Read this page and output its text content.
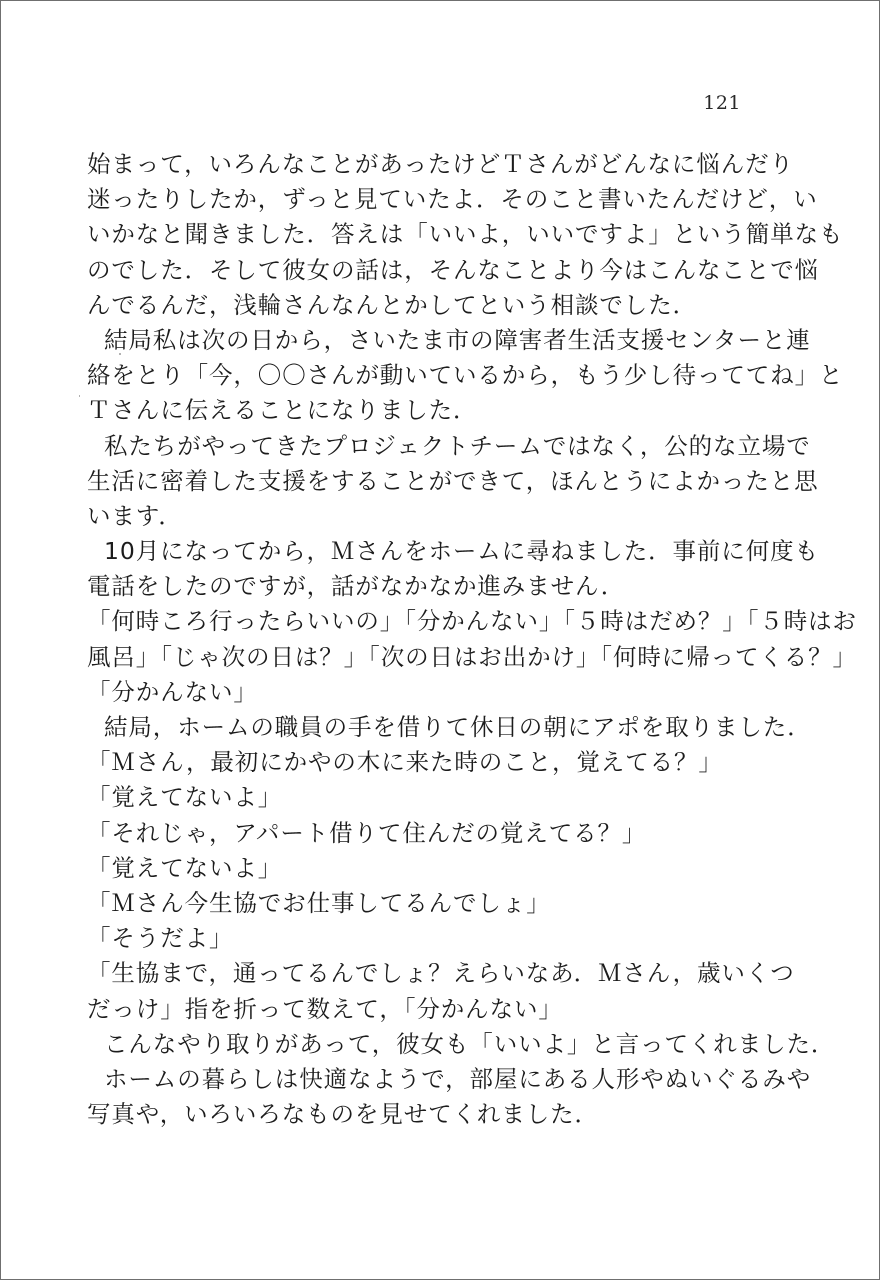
121
始まって，いろんなことがあったけどＴさんがどんなに悩んだり
迷ったりしたか，ずっと見ていたよ．そのこと書いたんだけど，い
いかなと聞きました．答えは「いいよ，いいですよ」という簡単なも
のでした．そして彼女の話は，そんなことより今はこんなことで悩
んでるんだ，浅輪さんなんとかしてという相談でした．
結局私は次の日から，さいたま市の障害者生活支援センターと連
絡をとり「今，〇〇さんが動いているから，もう少し待っててね」と
Ｔさんに伝えることになりました．
私たちがやってきたプロジェクトチームではなく，公的な立場で
生活に密着した支援をすることができて，ほんとうによかったと思
います．
10月になってから，Ｍさんをホームに尋ねました．事前に何度も
電話をしたのですが，話がなかなか進みません．
「何時ころ行ったらいいの」「分かんない」「５時はだめ？」「５時はお
風呂」「じゃ次の日は？」「次の日はお出かけ」「何時に帰ってくる？」
「分かんない」
結局，ホームの職員の手を借りて休日の朝にアポを取りました．
「Ｍさん，最初にかやの木に来た時のこと，覚えてる？」
「覚えてないよ」
「それじゃ，アパート借りて住んだの覚えてる？」
「覚えてないよ」
「Ｍさん今生協でお仕事してるんでしょ」
「そうだよ」
「生協まで，通ってるんでしょ？えらいなあ．Ｍさん，歳いくつ
だっけ」指を折って数えて，「分かんない」
こんなやり取りがあって，彼女も「いいよ」と言ってくれました．
ホームの暮らしは快適なようで，部屋にある人形やぬいぐるみや
写真や，いろいろなものを見せてくれました．
